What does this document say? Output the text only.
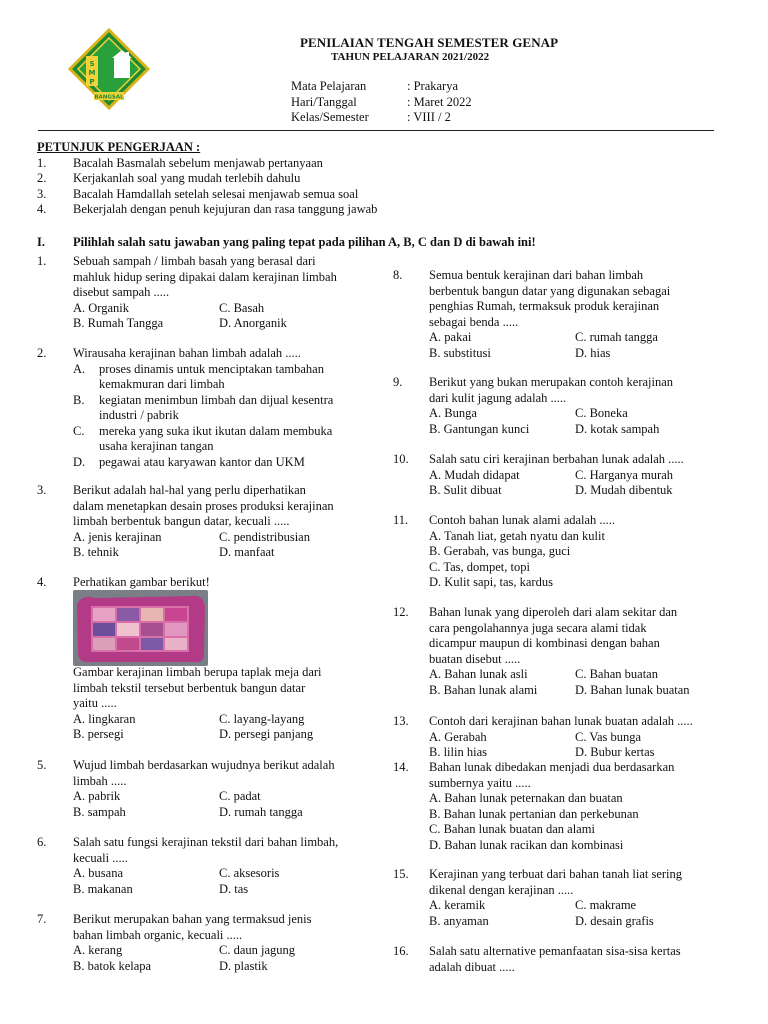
S
M
P
BANGSAL
PENILAIAN TENGAH SEMESTER GENAP
TAHUN PELAJARAN 2021/2022
Mata Pelajaran	: Prakarya
Hari/Tanggal	: Maret 2022
Kelas/Semester	: VIII / 2
PETUNJUK PENGERJAAN :
1.	Bacalah Basmalah sebelum menjawab pertanyaan
2.	Kerjakanlah soal yang mudah terlebih dahulu
3.	Bacalah Hamdallah setelah selesai menjawab semua soal
4.	Bekerjalah dengan penuh kejujuran dan rasa tanggung jawab
I.	Pilihlah salah satu jawaban yang paling tepat pada pilihan A, B, C dan D di bawah ini!
1. Sebuah sampah / limbah basah yang berasal dari
mahluk hidup sering dipakai dalam kerajinan limbah
disebut sampah .....
A. Organik	C. Basah
B. Rumah Tangga	D. Anorganik
2. Wirausaha kerajinan bahan limbah adalah .....
A.	proses dinamis untuk menciptakan tambahan
kemakmuran dari limbah
B.	kegiatan menimbun limbah dan dijual kesentra
industri / pabrik
C.	mereka yang suka ikut ikutan dalam membuka
usaha kerajinan tangan
D.	pegawai atau karyawan kantor dan UKM
3. Berikut adalah hal-hal yang perlu diperhatikan
dalam menetapkan desain proses produksi kerajinan
limbah berbentuk bangun datar, kecuali .....
A. jenis kerajinan	C. pendistribusian
B. tehnik	D. manfaat
4. Perhatikan gambar berikut!
Gambar kerajinan limbah berupa taplak meja dari
limbah tekstil tersebut berbentuk bangun datar
yaitu .....
A. lingkaran	C. layang-layang
B. persegi	D. persegi panjang
5. Wujud limbah berdasarkan wujudnya berikut adalah
limbah .....
A. pabrik	C. padat
B. sampah	D. rumah tangga
6. Salah satu fungsi kerajinan tekstil dari bahan limbah,
kecuali .....
A. busana	C. aksesoris
B. makanan	D. tas
7. Berikut merupakan bahan yang termaksud jenis
bahan limbah organic, kecuali .....
A. kerang	C. daun jagung
B. batok kelapa	D. plastik
8. Semua bentuk kerajinan dari bahan limbah
berbentuk bangun datar yang digunakan sebagai
penghias Rumah, termaksuk produk kerajinan
sebagai benda .....
A. pakai	C. rumah tangga
B. substitusi	D. hias
9. Berikut yang bukan merupakan contoh kerajinan
dari kulit jagung adalah .....
A. Bunga	C. Boneka
B. Gantungan kunci	D. kotak sampah
10. Salah satu ciri kerajinan berbahan lunak adalah .....
A. Mudah didapat	C. Harganya murah
B. Sulit dibuat	D. Mudah dibentuk
11. Contoh bahan lunak alami adalah .....
A. Tanah liat, getah nyatu dan kulit
B. Gerabah, vas bunga, guci
C. Tas, dompet, topi
D. Kulit sapi, tas, kardus
12. Bahan lunak yang diperoleh dari alam sekitar dan
cara pengolahannya juga secara alami tidak
dicampur maupun di kombinasi dengan bahan
buatan disebut .....
A. Bahan lunak asli	C. Bahan buatan
B. Bahan lunak alami	D. Bahan lunak buatan
13. Contoh dari kerajinan bahan lunak buatan adalah .....
A. Gerabah	C. Vas bunga
B. lilin hias	D. Bubur kertas
14. Bahan lunak dibedakan menjadi dua berdasarkan
sumbernya yaitu .....
A. Bahan lunak peternakan dan buatan
B. Bahan lunak pertanian dan perkebunan
C. Bahan lunak buatan dan alami
D. Bahan lunak racikan dan kombinasi
15. Kerajinan yang terbuat dari bahan tanah liat sering
dikenal dengan kerajinan .....
A. keramik	C. makrame
B. anyaman	D. desain grafis
16. Salah satu alternative pemanfaatan sisa-sisa kertas
adalah dibuat .....
